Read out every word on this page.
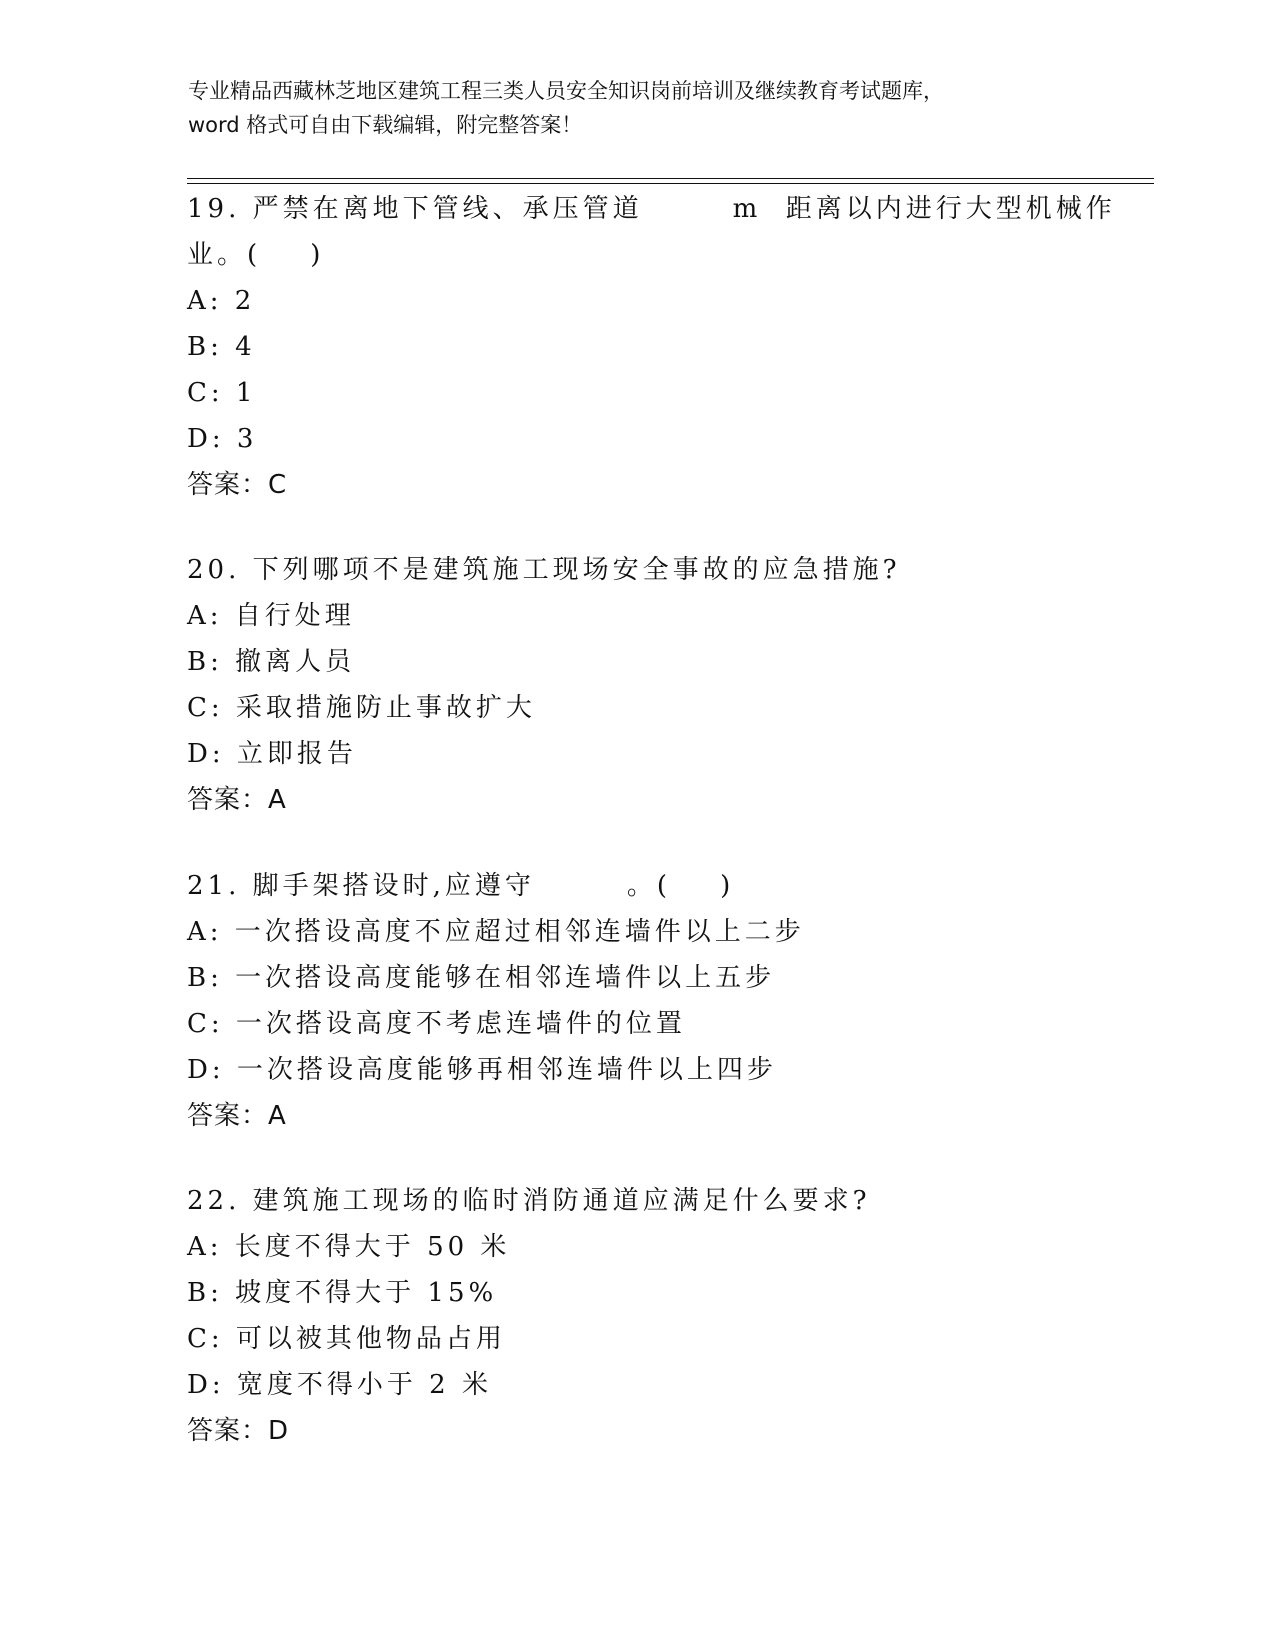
专业精品西藏林芝地区建筑工程三类人员安全知识岗前培训及继续教育考试题库，
word 格式可自由下载编辑，附完整答案！
19. 严禁在离地下管线、承压管道	m  距离以内进行大型机械作
业。(    )
A: 2
B: 4
C: 1
D: 3
答案：C
20. 下列哪项不是建筑施工现场安全事故的应急措施?
A: 自行处理
B: 撤离人员
C: 采取措施防止事故扩大
D: 立即报告
答案：A
21. 脚手架搭设时,应遵守	。(    )
A: 一次搭设高度不应超过相邻连墙件以上二步
B: 一次搭设高度能够在相邻连墙件以上五步
C: 一次搭设高度不考虑连墙件的位置
D: 一次搭设高度能够再相邻连墙件以上四步
答案：A
22. 建筑施工现场的临时消防通道应满足什么要求?
A: 长度不得大于 50 米
B: 坡度不得大于 15%
C: 可以被其他物品占用
D: 宽度不得小于 2 米
答案：D
